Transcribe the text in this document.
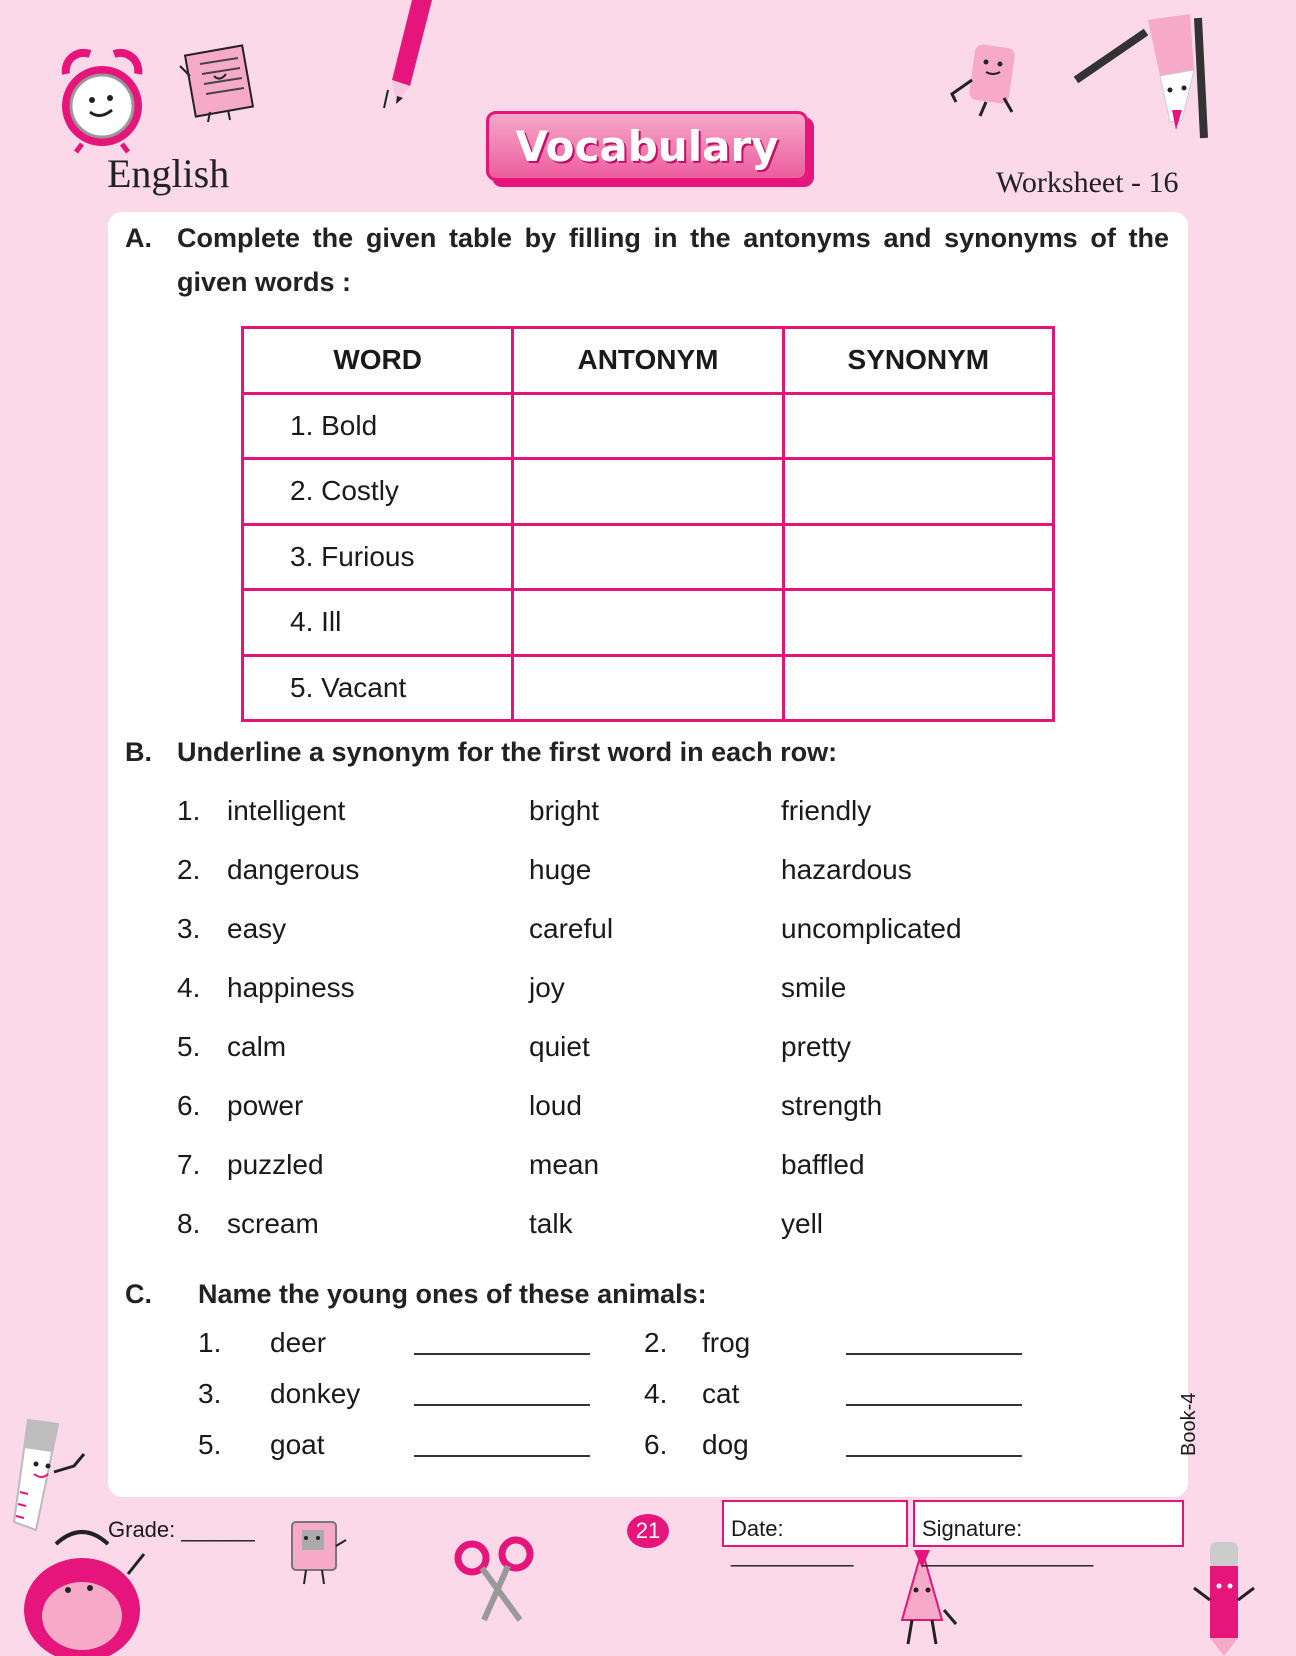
English
Vocabulary
Worksheet - 16
A. Complete the given table by filling in the antonyms and synonyms of the
given words :
WORD	ANTONYM	SYNONYM
1. Bold		
2. Costly		
3. Furious		
4. Ill		
5. Vacant		
B. Underline a synonym for the first word in each row:
1. intelligent	bright	friendly
2. dangerous	huge	hazardous
3. easy	careful	uncomplicated
4. happiness	joy	smile
5. calm	quiet	pretty
6. power	loud	strength
7. puzzled	mean	baffled
8. scream	talk	yell
C. Name the young ones of these animals:
1. deer	2. frog
3. donkey	4. cat
5. goat	6. dog	Book-4
Grade: ______	21	Date: __________
Signature: ______________
